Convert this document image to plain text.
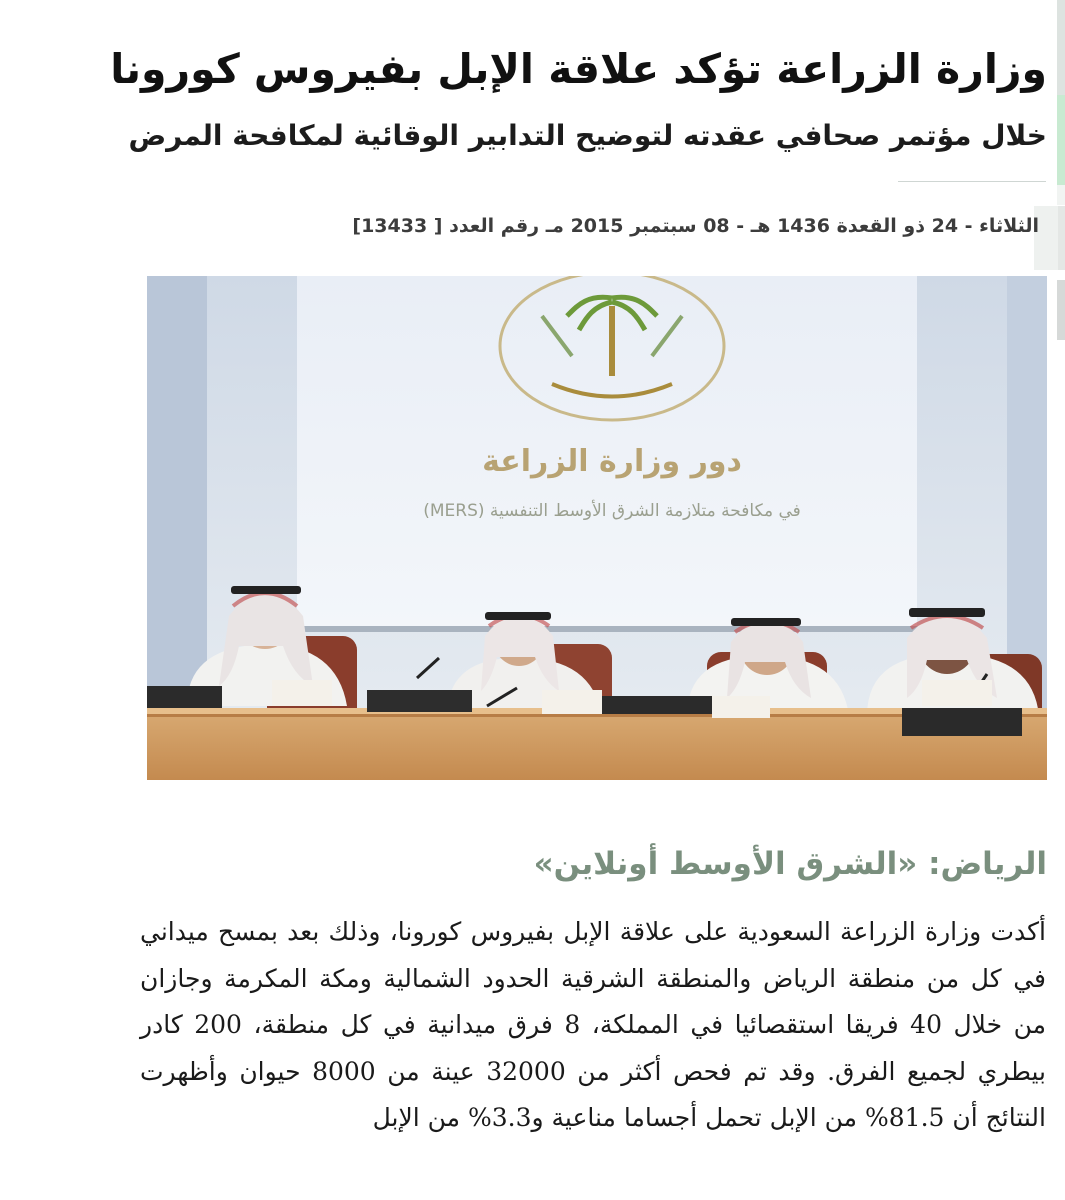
وزارة الزراعة تؤكد علاقة الإبل بفيروس كورونا
خلال مؤتمر صحافي عقدته لتوضيح التدابير الوقائية لمكافحة المرض
الثلاثاء - 24 ذو القعدة 1436 هـ - 08 سبتمبر 2015 مـ رقم العدد [ 13433]
دور وزارة الزراعة
في مكافحة متلازمة الشرق الأوسط التنفسية (MERS)
الرياض: «الشرق الأوسط أونلاين»

أكدت وزارة الزراعة السعودية على علاقة الإبل بفيروس كورونا، وذلك بعد بمسح ميداني في كل من منطقة الرياض والمنطقة الشرقية الحدود الشمالية ومكة المكرمة وجازان من خلال 40 فريقا استقصائيا في المملكة، 8 فرق ميدانية في كل منطقة، 200 كادر بيطري لجميع الفرق. وقد تم فحص أكثر من 32000 عينة من 8000 حيوان وأظهرت النتائج أن 81.5% من الإبل تحمل أجساما مناعية و3.3% من الإبل
